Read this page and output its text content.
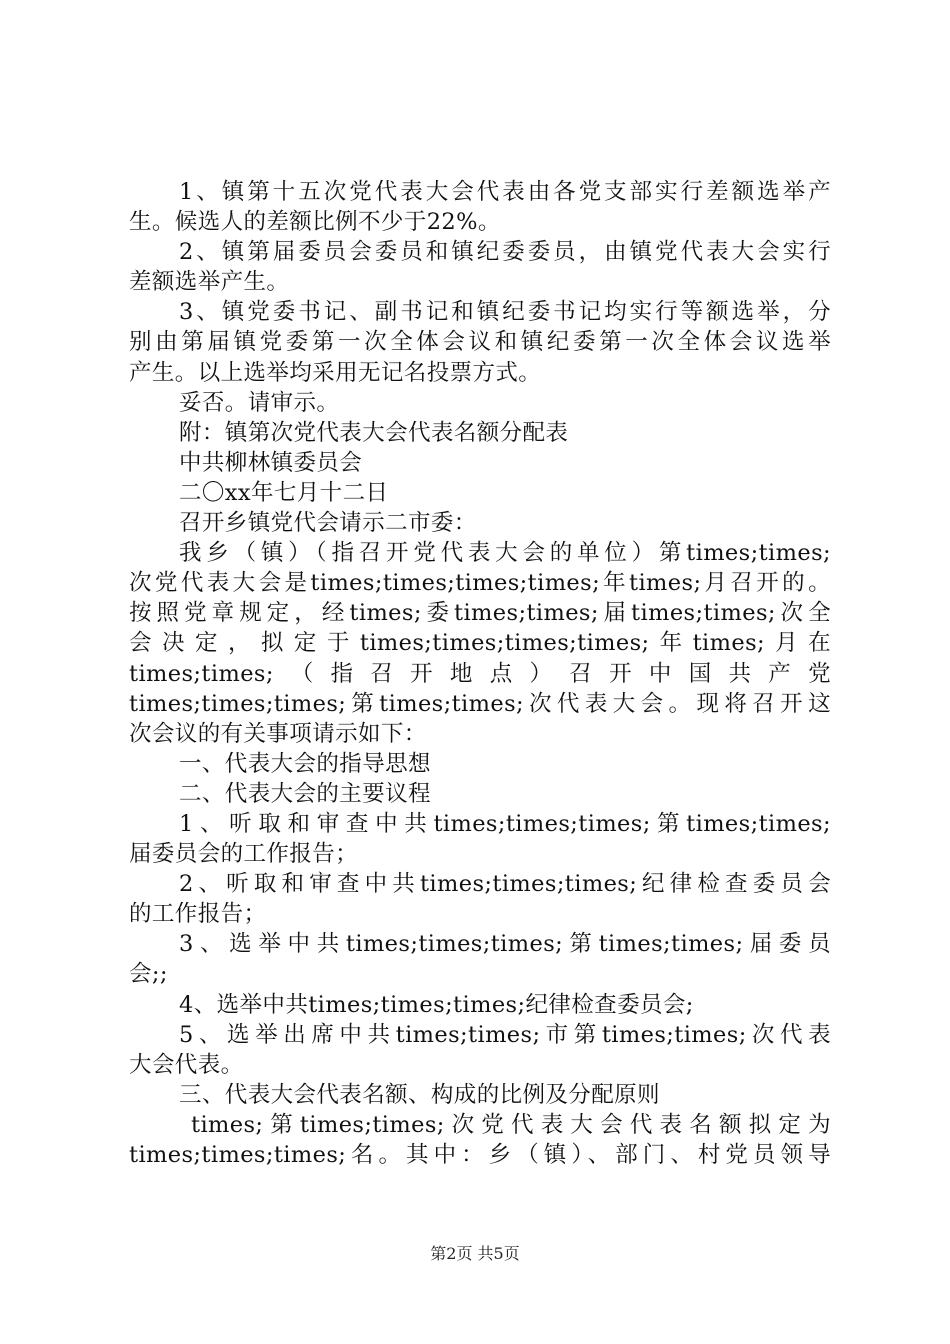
1、镇第十五次党代表大会代表由各党支部实行差额选举产
生。候选人的差额比例不少于22%。
2、镇第届委员会委员和镇纪委委员，由镇党代表大会实行
差额选举产生。
3、镇党委书记、副书记和镇纪委书记均实行等额选举，分
别由第届镇党委第一次全体会议和镇纪委第一次全体会议选举
产生。以上选举均采用无记名投票方式。
妥否。请审示。
附：镇第次党代表大会代表名额分配表
中共柳林镇委员会
二〇xx年七月十二日
召开乡镇党代会请示二市委：
我乡（镇）（指召开党代表大会的单位）第times;times;
次党代表大会是times;times;times;times;年times;月召开的。
按照党章规定，经times;委times;times;届times;times;次全
会决定，拟定于times;times;times;times;年times;月在
times;times;（指召开地点）召开中国共产党
times;times;times;第times;times;次代表大会。现将召开这
次会议的有关事项请示如下：
一、代表大会的指导思想
二、代表大会的主要议程
1、听取和审查中共times;times;times;第times;times;
届委员会的工作报告；
2、听取和审查中共times;times;times;纪律检查委员会
的工作报告；
3、选举中共times;times;times;第times;times;届委员
会;;
4、选举中共times;times;times;纪律检查委员会;
5、选举出席中共times;times;市第times;times;次代表
大会代表。
三、代表大会代表名额、构成的比例及分配原则
times;第times;times;次党代表大会代表名额拟定为
times;times;times;名。其中：乡（镇）、部门、村党员领导
第2页 共5页
